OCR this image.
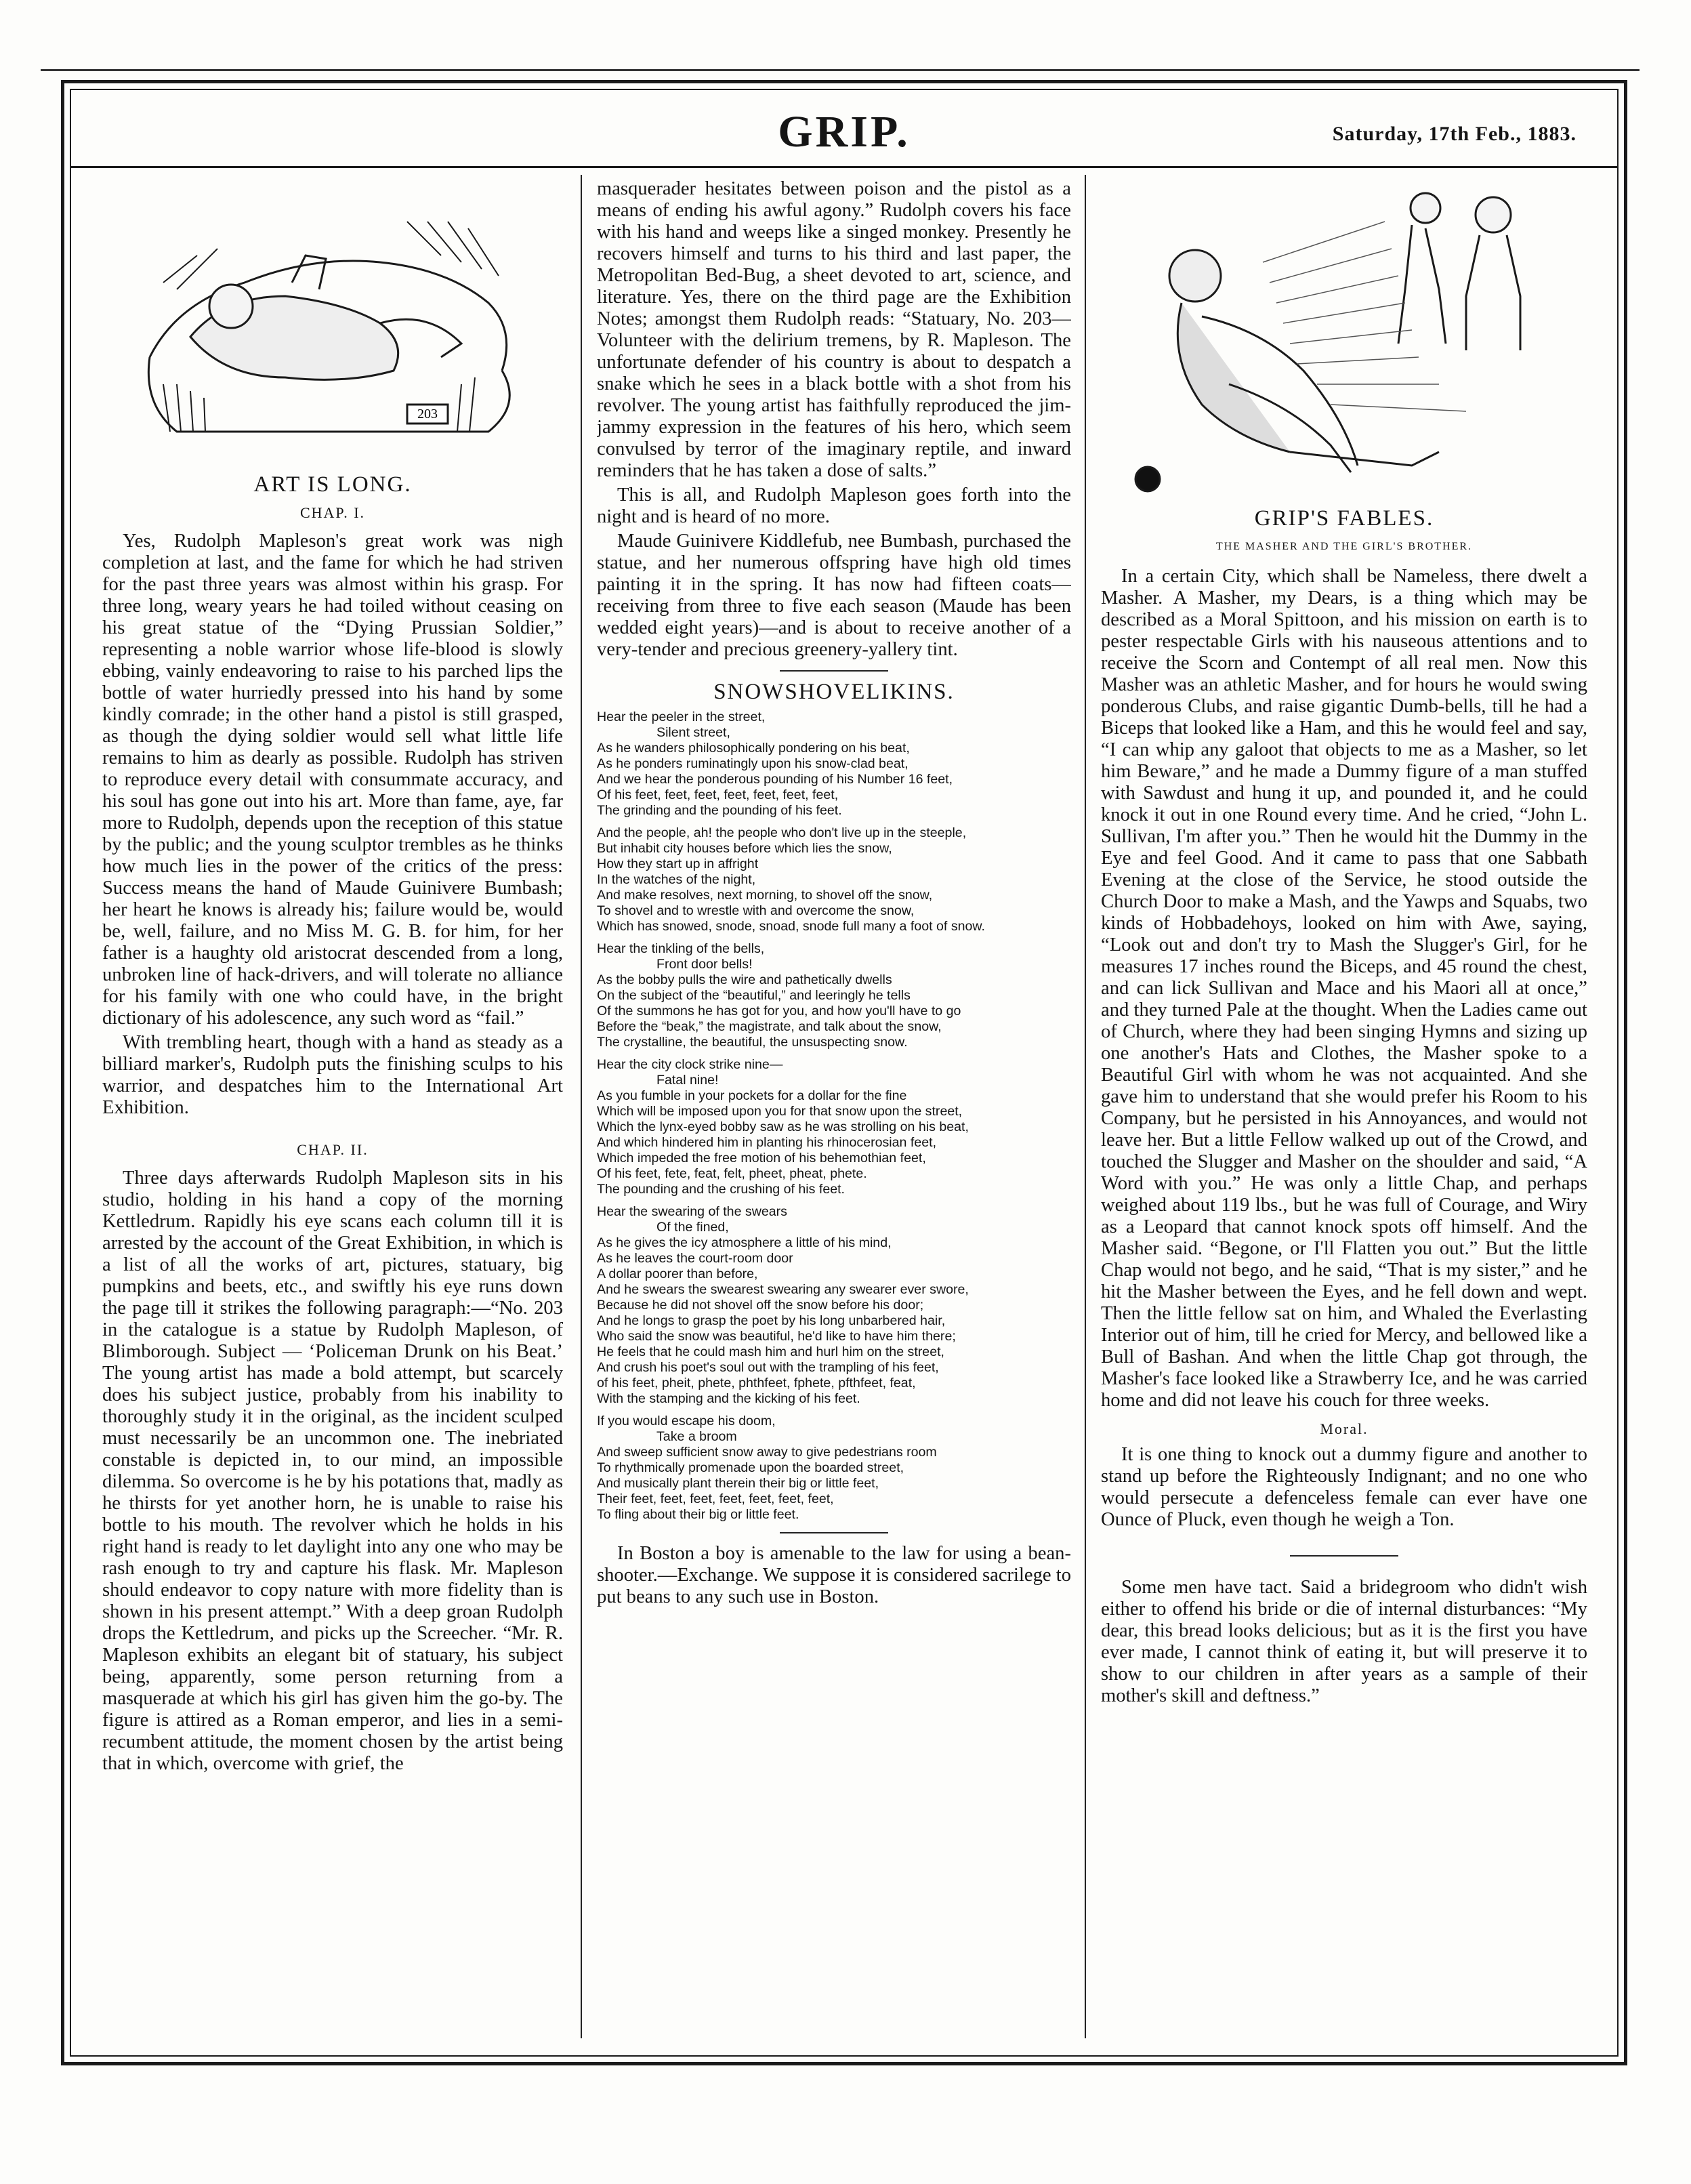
GRIP.	Saturday, 17th Feb., 1883.
203
ART IS LONG.
CHAP. I.

Yes, Rudolph Mapleson's great work was nigh completion at last, and the fame for which he had striven for the past three years was almost within his grasp. For three long, weary years he had toiled without ceasing on his great statue of the “Dying Prussian Soldier,” representing a noble warrior whose life-blood is slowly ebbing, vainly endeavoring to raise to his parched lips the bottle of water hurriedly pressed into his hand by some kindly comrade; in the other hand a pistol is still grasped, as though the dying soldier would sell what little life remains to him as dearly as possible. Rudolph has striven to reproduce every detail with consummate accuracy, and his soul has gone out into his art. More than fame, aye, far more to Rudolph, depends upon the reception of this statue by the public; and the young sculptor trembles as he thinks how much lies in the power of the critics of the press: Success means the hand of Maude Guinivere Bumbash; her heart he knows is already his; failure would be, would be, well, failure, and no Miss M. G. B. for him, for her father is a haughty old aristocrat descended from a long, unbroken line of hack-drivers, and will tolerate no alliance for his family with one who could have, in the bright dictionary of his adolescence, any such word as “fail.”

With trembling heart, though with a hand as steady as a billiard marker's, Rudolph puts the finishing sculps to his warrior, and despatches him to the International Art Exhibition.

CHAP. II.

Three days afterwards Rudolph Mapleson sits in his studio, holding in his hand a copy of the morning Kettledrum. Rapidly his eye scans each column till it is arrested by the account of the Great Exhibition, in which is a list of all the works of art, pictures, statuary, big pumpkins and beets, etc., and swiftly his eye runs down the page till it strikes the following paragraph:—“No. 203 in the catalogue is a statue by Rudolph Mapleson, of Blimborough. Subject — ‘Policeman Drunk on his Beat.’ The young artist has made a bold attempt, but scarcely does his subject justice, probably from his inability to thoroughly study it in the original, as the incident sculped must necessarily be an uncommon one. The inebriated constable is depicted in, to our mind, an impossible dilemma. So overcome is he by his potations that, madly as he thirsts for yet another horn, he is unable to raise his bottle to his mouth. The revolver which he holds in his right hand is ready to let daylight into any one who may be rash enough to try and capture his flask. Mr. Mapleson should endeavor to copy nature with more fidelity than is shown in his present attempt.” With a deep groan Rudolph drops the Kettledrum, and picks up the Screecher. “Mr. R. Mapleson exhibits an elegant bit of statuary, his subject being, apparently, some person returning from a masquerade at which his girl has given him the go-by. The figure is attired as a Roman emperor, and lies in a semi-recumbent attitude, the moment chosen by the artist being that in which, overcome with grief, the

masquerader hesitates between poison and the pistol as a means of ending his awful agony.” Rudolph covers his face with his hand and weeps like a singed monkey. Presently he recovers himself and turns to his third and last paper, the Metropolitan Bed-Bug, a sheet devoted to art, science, and literature. Yes, there on the third page are the Exhibition Notes; amongst them Rudolph reads: “Statuary, No. 203—Volunteer with the delirium tremens, by R. Mapleson. The unfortunate defender of his country is about to despatch a snake which he sees in a black bottle with a shot from his revolver. The young artist has faithfully reproduced the jim-jammy expression in the features of his hero, which seem convulsed by terror of the imaginary reptile, and inward reminders that he has taken a dose of salts.”

This is all, and Rudolph Mapleson goes forth into the night and is heard of no more.

Maude Guinivere Kiddlefub, nee Bumbash, purchased the statue, and her numerous offspring have high old times painting it in the spring. It has now had fifteen coats—receiving from three to five each season (Maude has been wedded eight years)—and is about to receive another of a very-tender and precious greenery-yallery tint.

SNOWSHOVELIKINS.

Hear the peeler in the street,

Silent street,

As he wanders philosophically pondering on his beat,

As he ponders ruminatingly upon his snow-clad beat,

And we hear the ponderous pounding of his Number 16 feet,

Of his feet, feet, feet, feet, feet, feet, feet,

The grinding and the pounding of his feet.

And the people, ah! the people who don't live up in the steeple,

But inhabit city houses before which lies the snow,

How they start up in affright

In the watches of the night,

And make resolves, next morning, to shovel off the snow,

To shovel and to wrestle with and overcome the snow,

Which has snowed, snode, snoad, snode full many a foot of snow.

Hear the tinkling of the bells,

Front door bells!

As the bobby pulls the wire and pathetically dwells

On the subject of the “beautiful,” and leeringly he tells

Of the summons he has got for you, and how you'll have to go

Before the “beak,” the magistrate, and talk about the snow,

The crystalline, the beautiful, the unsuspecting snow.

Hear the city clock strike nine—

Fatal nine!

As you fumble in your pockets for a dollar for the fine

Which will be imposed upon you for that snow upon the street,

Which the lynx-eyed bobby saw as he was strolling on his beat,

And which hindered him in planting his rhinocerosian feet,

Which impeded the free motion of his behemothian feet,

Of his feet, fete, feat, felt, pheet, pheat, phete.

The pounding and the crushing of his feet.

Hear the swearing of the swears

Of the fined,

As he gives the icy atmosphere a little of his mind,

As he leaves the court-room door

A dollar poorer than before,

And he swears the swearest swearing any swearer ever swore,

Because he did not shovel off the snow before his door;

And he longs to grasp the poet by his long unbarbered hair,

Who said the snow was beautiful, he'd like to have him there;

He feels that he could mash him and hurl him on the street,

And crush his poet's soul out with the trampling of his feet,

of his feet, pheit, phete, phthfeet, fphete, pfthfeet, feat,

With the stamping and the kicking of his feet.

If you would escape his doom,

Take a broom

And sweep sufficient snow away to give pedestrians room

To rhythmically promenade upon the boarded street,

And musically plant therein their big or little feet,

Their feet, feet, feet, feet, feet, feet, feet,

To fling about their big or little feet.

In Boston a boy is amenable to the law for using a bean-shooter.—Exchange. We suppose it is considered sacrilege to put beans to any such use in Boston.

GRIP'S FABLES.
THE MASHER AND THE GIRL'S BROTHER.

In a certain City, which shall be Nameless, there dwelt a Masher. A Masher, my Dears, is a thing which may be described as a Moral Spittoon, and his mission on earth is to pester respectable Girls with his nauseous attentions and to receive the Scorn and Contempt of all real men. Now this Masher was an athletic Masher, and for hours he would swing ponderous Clubs, and raise gigantic Dumb-bells, till he had a Biceps that looked like a Ham, and this he would feel and say, “I can whip any galoot that objects to me as a Masher, so let him Beware,” and he made a Dummy figure of a man stuffed with Sawdust and hung it up, and pounded it, and he could knock it out in one Round every time. And he cried, “John L. Sullivan, I'm after you.” Then he would hit the Dummy in the Eye and feel Good. And it came to pass that one Sabbath Evening at the close of the Service, he stood outside the Church Door to make a Mash, and the Yawps and Squabs, two kinds of Hobbadehoys, looked on him with Awe, saying, “Look out and don't try to Mash the Slugger's Girl, for he measures 17 inches round the Biceps, and 45 round the chest, and can lick Sullivan and Mace and his Maori all at once,” and they turned Pale at the thought. When the Ladies came out of Church, where they had been singing Hymns and sizing up one another's Hats and Clothes, the Masher spoke to a Beautiful Girl with whom he was not acquainted. And she gave him to understand that she would prefer his Room to his Company, but he persisted in his Annoyances, and would not leave her. But a little Fellow walked up out of the Crowd, and touched the Slugger and Masher on the shoulder and said, “A Word with you.” He was only a little Chap, and perhaps weighed about 119 lbs., but he was full of Courage, and Wiry as a Leopard that cannot knock spots off himself. And the Masher said. “Begone, or I'll Flatten you out.” But the little Chap would not bego, and he said, “That is my sister,” and he hit the Masher between the Eyes, and he fell down and wept. Then the little fellow sat on him, and Whaled the Everlasting Interior out of him, till he cried for Mercy, and bellowed like a Bull of Bashan. And when the little Chap got through, the Masher's face looked like a Strawberry Ice, and he was carried home and did not leave his couch for three weeks.

Moral.

It is one thing to knock out a dummy figure and another to stand up before the Righteously Indignant; and no one who would persecute a defenceless female can ever have one Ounce of Pluck, even though he weigh a Ton.

Some men have tact. Said a bridegroom who didn't wish either to offend his bride or die of internal disturbances: “My dear, this bread looks delicious; but as it is the first you have ever made, I cannot think of eating it, but will preserve it to show to our children in after years as a sample of their mother's skill and deftness.”
